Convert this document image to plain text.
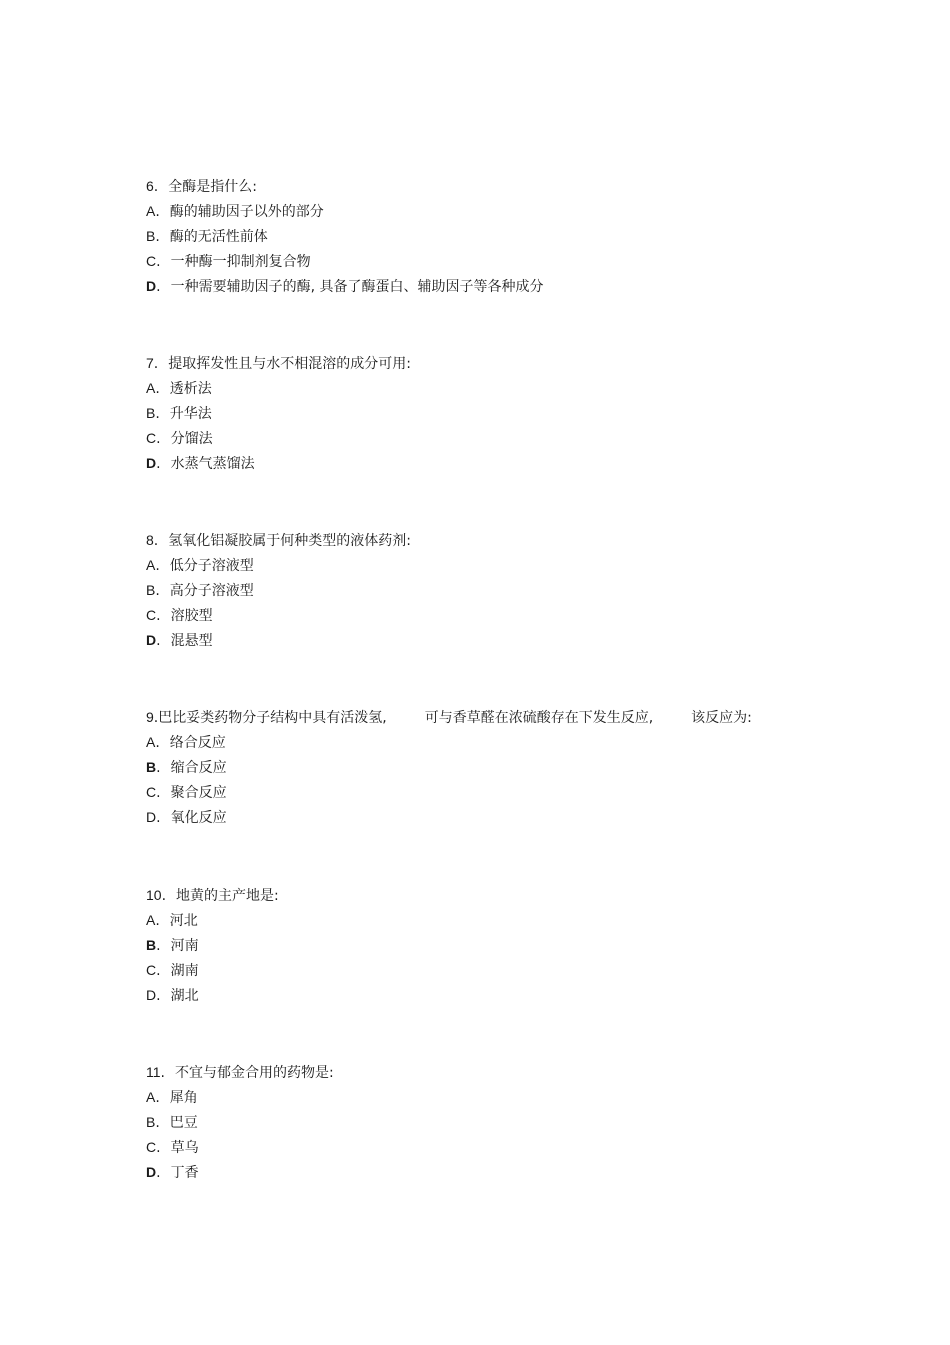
6. 全酶是指什么:
A. 酶的辅助因子以外的部分
B. 酶的无活性前体
C. 一种酶一抑制剂复合物
D. 一种需要辅助因子的酶, 具备了酶蛋白、辅助因子等各种成分
7. 提取挥发性且与水不相混溶的成分可用:
A. 透析法
B. 升华法
C. 分馏法
D. 水蒸气蒸馏法
8. 氢氧化铝凝胶属于何种类型的液体药剂:
A. 低分子溶液型
B. 高分子溶液型
C. 溶胶型
D. 混悬型
9.巴比妥类药物分子结构中具有活泼氢,	可与香草醛在浓硫酸存在下发生反应,	该反应为:
A. 络合反应
B. 缩合反应
C. 聚合反应
D. 氧化反应
10. 地黄的主产地是:
A. 河北
B. 河南
C. 湖南
D. 湖北
11. 不宜与郁金合用的药物是:
A. 犀角
B. 巴豆
C. 草乌
D. 丁香
